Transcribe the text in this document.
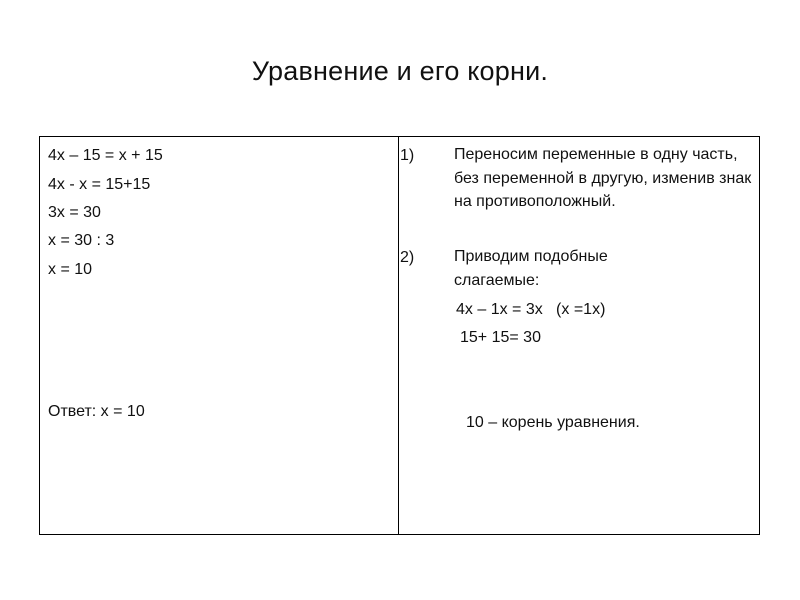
Уравнение и его корни.
4х – 15 = х + 15
4х - х = 15+15
3х = 30
х = 30 : 3
х = 10
Ответ: х = 10
1) Переносим переменные в одну часть, без переменной в другую, изменив знак на противоположный.
2) Приводим подобные слагаемые:
4х – 1х = 3х   (х =1х)
15+ 15= 30
10 – корень уравнения.
